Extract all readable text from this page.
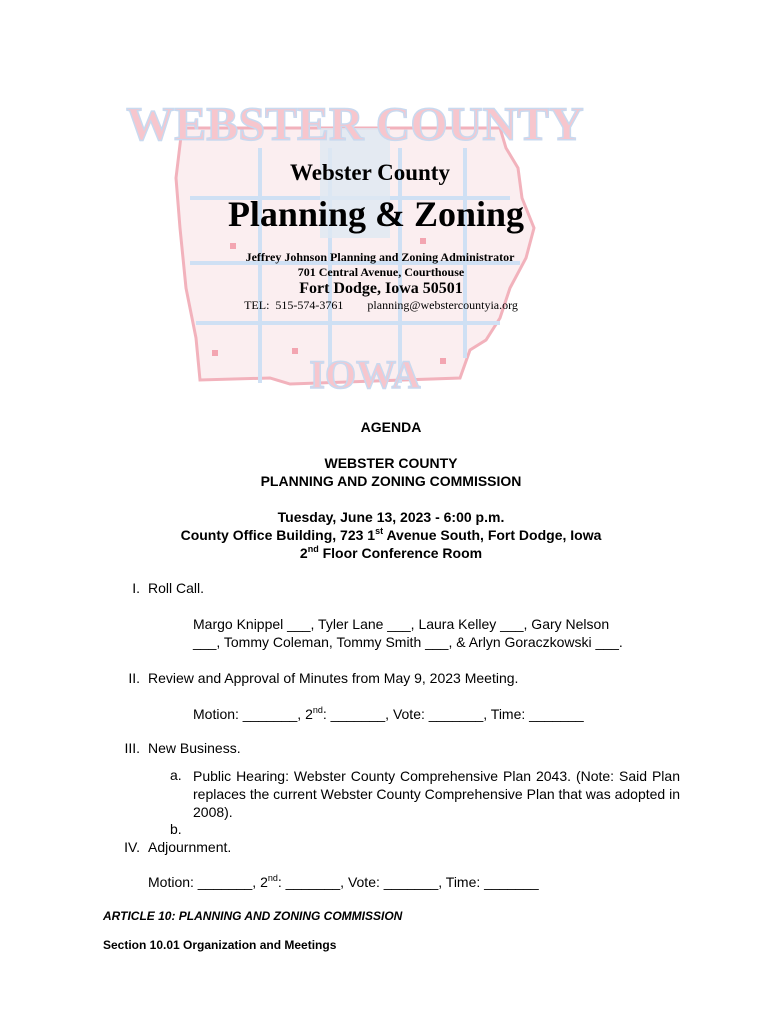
WEBSTER COUNTY
IOWA
Webster County
Planning & Zoning
Jeffrey Johnson Planning and Zoning Administrator
701 Central Avenue, Courthouse
Fort Dodge, Iowa 50501
TEL: 515-574-3761 planning@webstercountyia.org
AGENDA
WEBSTER COUNTY
PLANNING AND ZONING COMMISSION
Tuesday, June 13, 2023 - 6:00 p.m.
County Office Building, 723 1st Avenue South, Fort Dodge, Iowa
2nd Floor Conference Room
I. Roll Call.
Margo Knippel ___, Tyler Lane ___, Laura Kelley ___, Gary Nelson
___, Tommy Coleman, Tommy Smith ___, & Arlyn Goraczkowski ___.
II. Review and Approval of Minutes from May 9, 2023 Meeting.
Motion: _______, 2nd: _______, Vote: _______, Time: _______
III. New Business.
a. Public Hearing: Webster County Comprehensive Plan 2043. (Note: Said Plan replaces the current Webster County Comprehensive Plan that was adopted in 2008).
b.
IV. Adjournment.
Motion: _______, 2nd: _______, Vote: _______, Time: _______
ARTICLE 10: PLANNING AND ZONING COMMISSION
Section 10.01 Organization and Meetings
